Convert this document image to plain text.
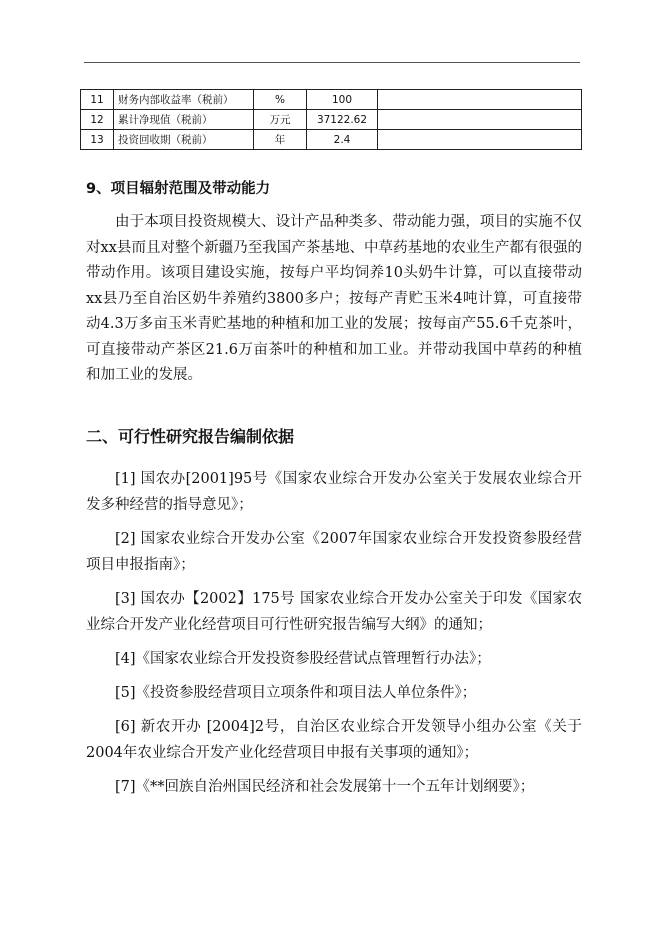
11	财务内部收益率（税前）	%	100	
12	累计净现值（税前）	万元	37122.62	
13	投资回收期（税前）	年	2.4	
9、项目辐射范围及带动能力

由于本项目投资规模大、设计产品种类多、带动能力强，项目的实施不仅对xx县而且对整个新疆乃至我国产茶基地、中草药基地的农业生产都有很强的带动作用。该项目建设实施，按每户平均饲养10头奶牛计算，可以直接带动xx县乃至自治区奶牛养殖约3800多户；按每产青贮玉米4吨计算，可直接带动4.3万多亩玉米青贮基地的种植和加工业的发展；按每亩产55.6千克茶叶，可直接带动产茶区21.6万亩茶叶的种植和加工业。并带动我国中草药的种植和加工业的发展。

二、可行性研究报告编制依据

[1] 国农办[2001]95号《国家农业综合开发办公室关于发展农业综合开发多种经营的指导意见》；

[2] 国家农业综合开发办公室《2007年国家农业综合开发投资参股经营项目申报指南》；

[3] 国农办【2002】175号 国家农业综合开发办公室关于印发《国家农业综合开发产业化经营项目可行性研究报告编写大纲》的通知；

[4]《国家农业综合开发投资参股经营试点管理暂行办法》；

[5]《投资参股经营项目立项条件和项目法人单位条件》；

[6] 新农开办 [2004]2号，自治区农业综合开发领导小组办公室《关于2004年农业综合开发产业化经营项目申报有关事项的通知》；

[7]《**回族自治州国民经济和社会发展第十一个五年计划纲要》；
